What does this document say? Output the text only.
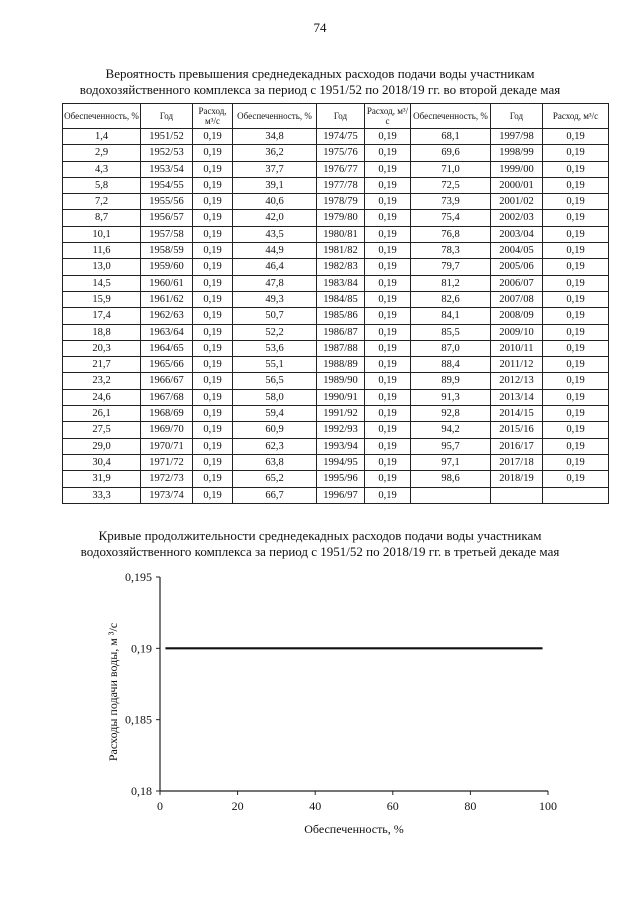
74
Вероятность превышения среднедекадных расходов подачи воды участникам
водохозяйственного комплекса за период с 1951/52 по 2018/19 гг. во второй декаде мая
Обеспеченность, %	Год	Расход, м³/с	Обеспеченность, %	Год	Расход, м³/с	Обеспеченность, %	Год	Расход, м³/с
1,4	1951/52	0,19	34,8	1974/75	0,19	68,1	1997/98	0,19
2,9	1952/53	0,19	36,2	1975/76	0,19	69,6	1998/99	0,19
4,3	1953/54	0,19	37,7	1976/77	0,19	71,0	1999/00	0,19
5,8	1954/55	0,19	39,1	1977/78	0,19	72,5	2000/01	0,19
7,2	1955/56	0,19	40,6	1978/79	0,19	73,9	2001/02	0,19
8,7	1956/57	0,19	42,0	1979/80	0,19	75,4	2002/03	0,19
10,1	1957/58	0,19	43,5	1980/81	0,19	76,8	2003/04	0,19
11,6	1958/59	0,19	44,9	1981/82	0,19	78,3	2004/05	0,19
13,0	1959/60	0,19	46,4	1982/83	0,19	79,7	2005/06	0,19
14,5	1960/61	0,19	47,8	1983/84	0,19	81,2	2006/07	0,19
15,9	1961/62	0,19	49,3	1984/85	0,19	82,6	2007/08	0,19
17,4	1962/63	0,19	50,7	1985/86	0,19	84,1	2008/09	0,19
18,8	1963/64	0,19	52,2	1986/87	0,19	85,5	2009/10	0,19
20,3	1964/65	0,19	53,6	1987/88	0,19	87,0	2010/11	0,19
21,7	1965/66	0,19	55,1	1988/89	0,19	88,4	2011/12	0,19
23,2	1966/67	0,19	56,5	1989/90	0,19	89,9	2012/13	0,19
24,6	1967/68	0,19	58,0	1990/91	0,19	91,3	2013/14	0,19
26,1	1968/69	0,19	59,4	1991/92	0,19	92,8	2014/15	0,19
27,5	1969/70	0,19	60,9	1992/93	0,19	94,2	2015/16	0,19
29,0	1970/71	0,19	62,3	1993/94	0,19	95,7	2016/17	0,19
30,4	1971/72	0,19	63,8	1994/95	0,19	97,1	2017/18	0,19
31,9	1972/73	0,19	65,2	1995/96	0,19	98,6	2018/19	0,19
33,3	1973/74	0,19	66,7	1996/97	0,19			
Кривые продолжительности среднедекадных расходов подачи воды участникам
водохозяйственного комплекса за период с 1951/52 по 2018/19 гг. в третьей декаде мая
0	20	40	60	80	100
0,195
0,19
0,185
0,18
Обеспеченность, %
Расходы подачи воды, м ³/с
